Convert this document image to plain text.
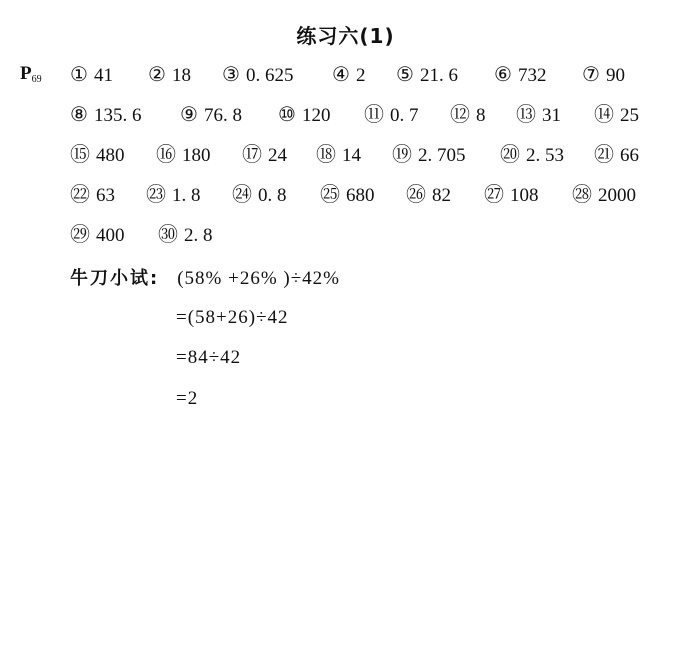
练习六(1)
$P_{69}$ ① 41 ② 18 ③ 0. 625 ④ 2 ⑤ 21. 6 ⑥ 732 ⑦ 90
⑧ 135. 6 ⑨ 76. 8 ⑩ 120 ⑪ 0. 7 ⑫ 8 ⑬ 31 ⑭ 25
⑮ 480 ⑯ 180 ⑰ 24 ⑱ 14 ⑲ 2. 705 ⑳ 2. 53 ㉑ 66
㉒ 63 ㉓ 1. 8 ㉔ 0. 8 ㉕ 680 ㉖ 82 ㉗ 108 ㉘ 2000
㉙ 400 ㉚ 2. 8
牛刀小试: (58% +26% )÷42%
=(58+26)÷42
=84÷42
=2
